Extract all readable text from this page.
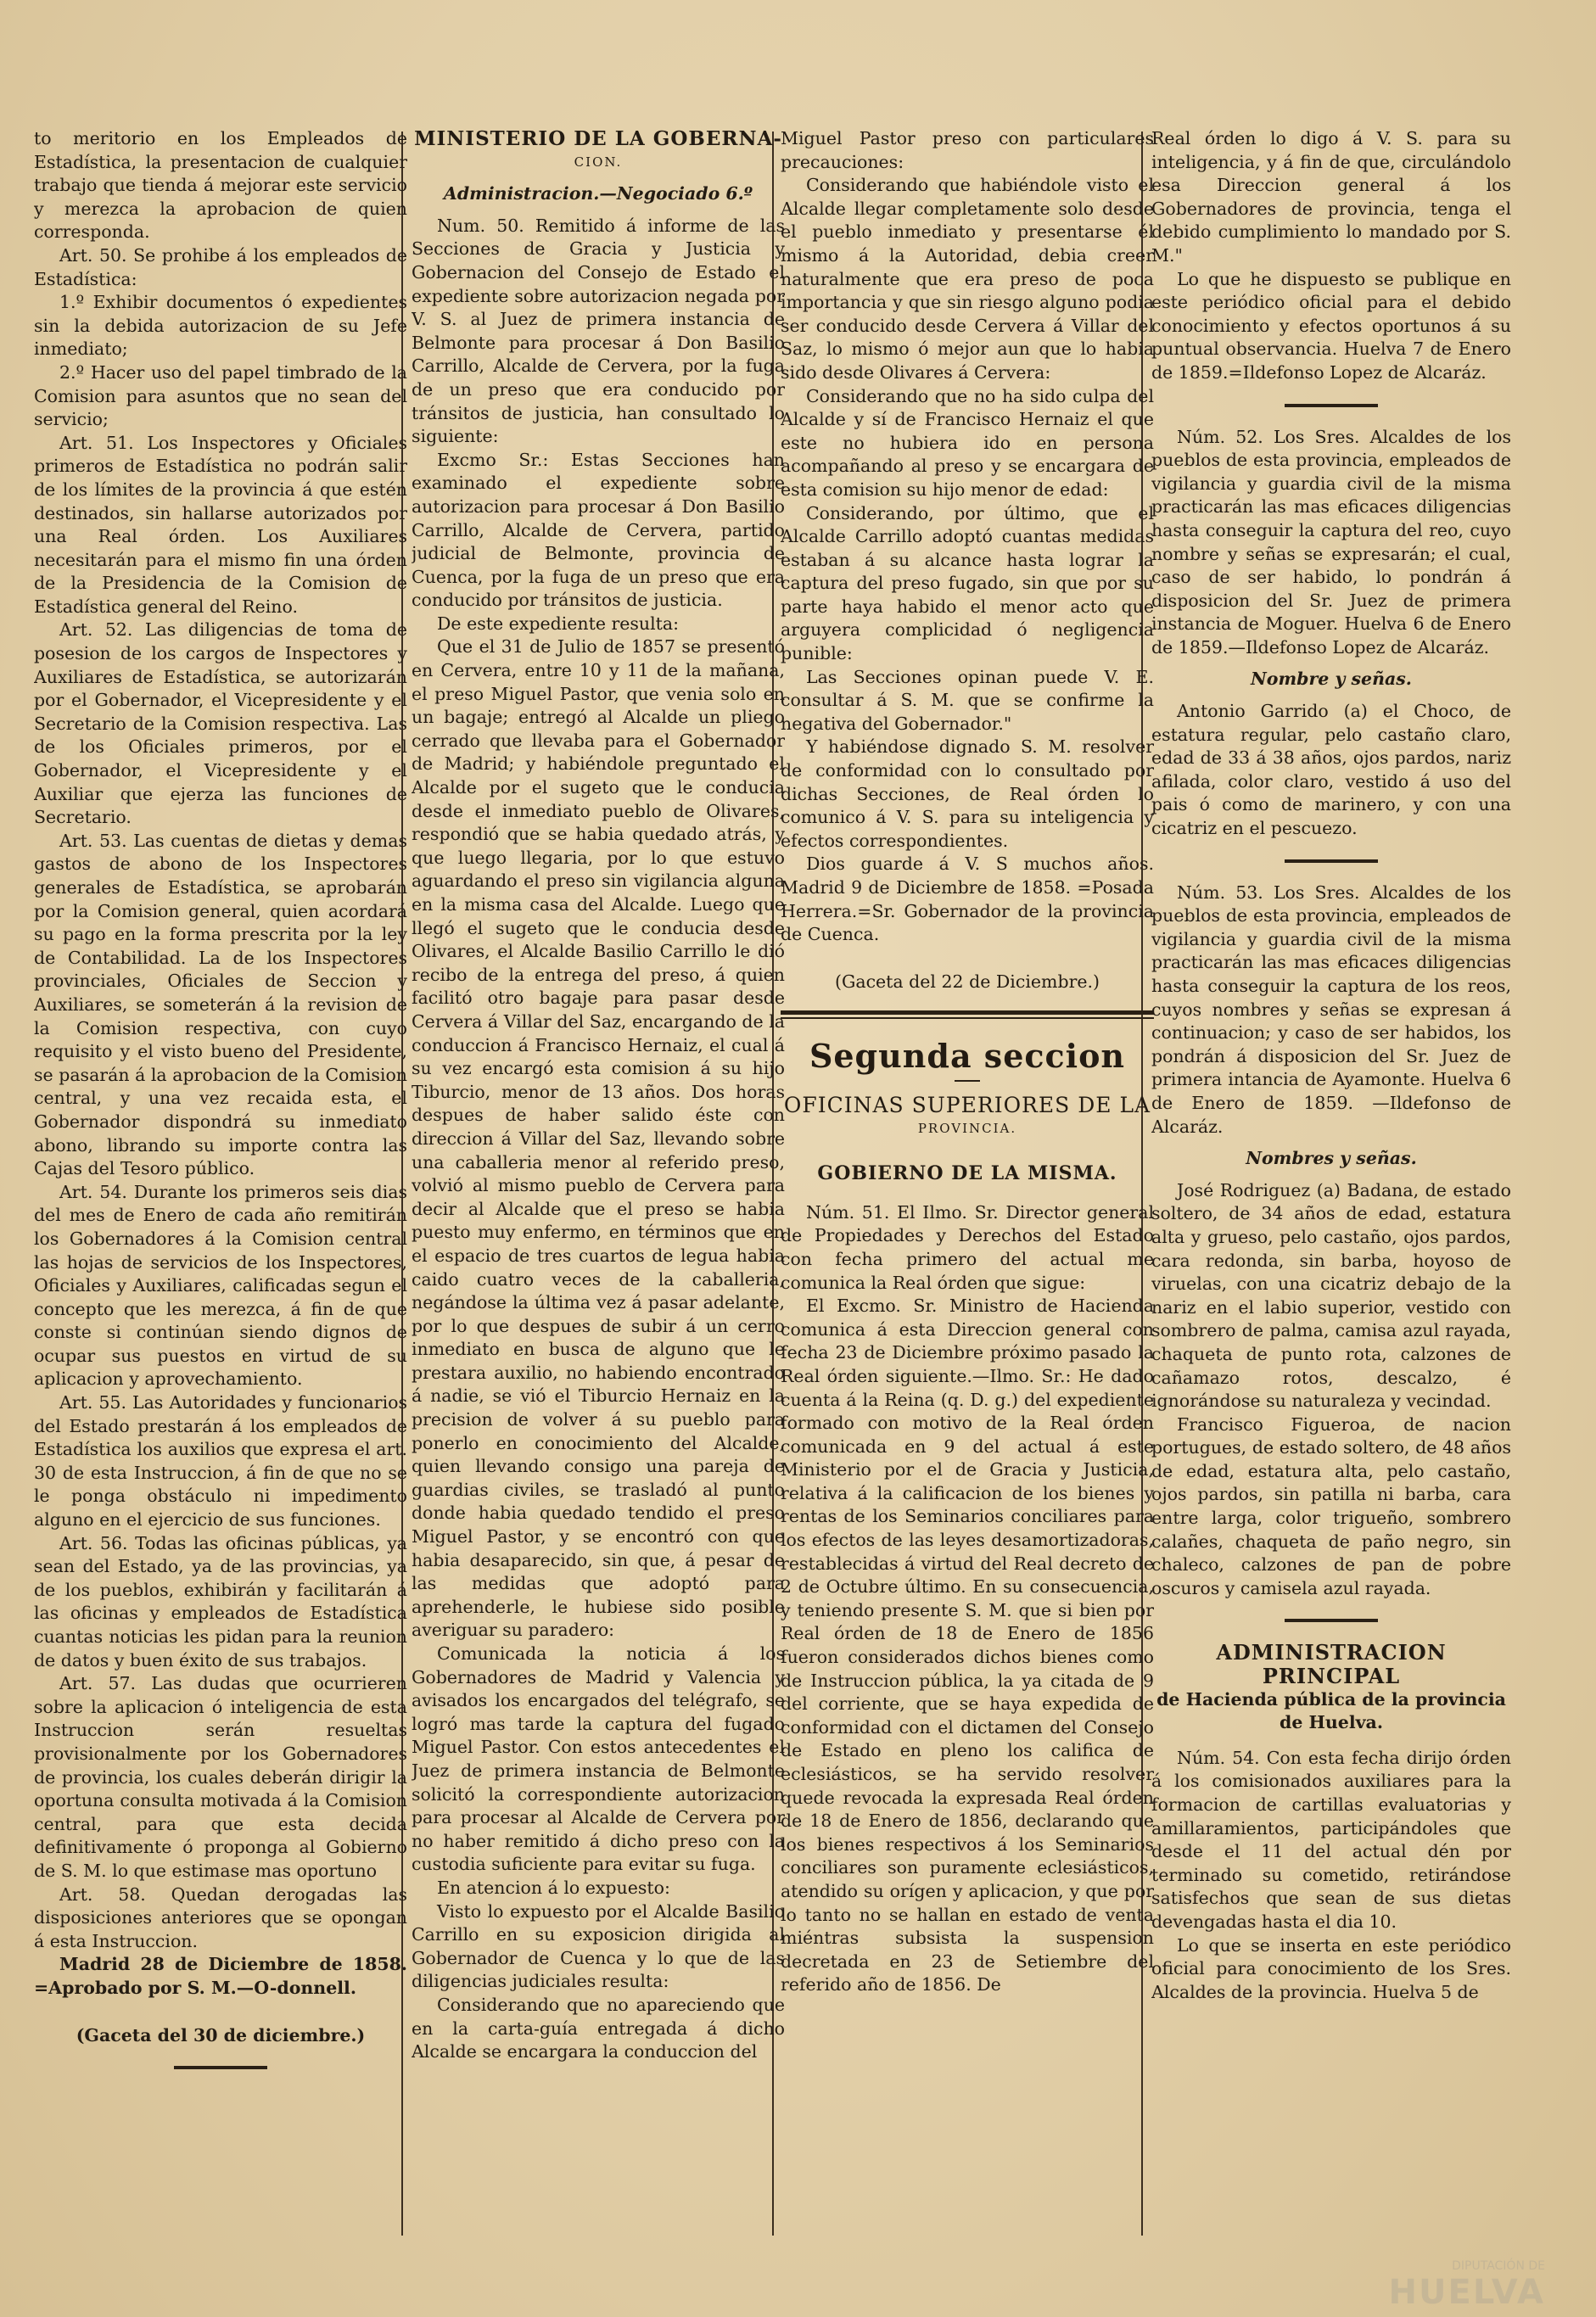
to meritorio en los Empleados de Estadística, la presentacion de cualquier trabajo que tienda á mejorar este servicio y merezca la aprobacion de quien corresponda.

Art. 50. Se prohibe á los empleados de Estadística:

1.º Exhibir documentos ó expedientes sin la debida autorizacion de su Jefe inmediato;

2.º Hacer uso del papel timbrado de la Comision para asuntos que no sean del servicio;

Art. 51. Los Inspectores y Oficiales primeros de Estadística no podrán salir de los límites de la provincia á que estén destinados, sin hallarse autorizados por una Real órden. Los Auxiliares necesitarán para el mismo fin una órden de la Presidencia de la Comision de Estadística general del Reino.

Art. 52. Las diligencias de toma de posesion de los cargos de Inspectores y Auxiliares de Estadística, se autorizarán por el Gobernador, el Vicepresidente y el Secretario de la Comision respectiva. Las de los Oficiales primeros, por el Gobernador, el Vicepresidente y el Auxiliar que ejerza las funciones de Secretario.

Art. 53. Las cuentas de dietas y demas gastos de abono de los Inspectores generales de Estadística, se aprobarán por la Comision general, quien acordará su pago en la forma prescrita por la ley de Contabilidad. La de los Inspectores provinciales, Oficiales de Seccion y Auxiliares, se someterán á la revision de la Comision respectiva, con cuyo requisito y el visto bueno del Presidente, se pasarán á la aprobacion de la Comision central, y una vez recaida esta, el Gobernador dispondrá su inmediato abono, librando su importe contra las Cajas del Tesoro público.

Art. 54. Durante los primeros seis dias del mes de Enero de cada año remitirán los Gobernadores á la Comision central las hojas de servicios de los Inspectores, Oficiales y Auxiliares, calificadas segun el concepto que les merezca, á fin de que conste si continúan siendo dignos de ocupar sus puestos en virtud de su aplicacion y aprovechamiento.

Art. 55. Las Autoridades y funcionarios del Estado prestarán á los empleados de Estadística los auxilios que expresa el art. 30 de esta Instruccion, á fin de que no se le ponga obstáculo ni impedimento alguno en el ejercicio de sus funciones.

Art. 56. Todas las oficinas públicas, ya sean del Estado, ya de las provincias, ya de los pueblos, exhibirán y facilitarán á las oficinas y empleados de Estadística cuantas noticias les pidan para la reunion de datos y buen éxito de sus trabajos.

Art. 57. Las dudas que ocurrieren sobre la aplicacion ó inteligencia de esta Instruccion serán resueltas provisionalmente por los Gobernadores de provincia, los cuales deberán dirigir la oportuna consulta motivada á la Comision central, para que esta decida definitivamente ó proponga al Gobierno de S. M. lo que estimase mas oportuno

Art. 58. Quedan derogadas las disposiciones anteriores que se opongan á esta Instruccion.

Madrid 28 de Diciembre de 1858. =Aprobado por S. M.—O-donnell.

(Gaceta del 30 de diciembre.)

MINISTERIO DE LA GOBERNA-

CION.

Administracion.—Negociado 6.º

Num. 50. Remitido á informe de las Secciones de Gracia y Justicia y Gobernacion del Consejo de Estado el expediente sobre autorizacion negada por V. S. al Juez de primera instancia de Belmonte para procesar á Don Basilio Carrillo, Alcalde de Cervera, por la fuga de un preso que era conducido por tránsitos de justicia, han consultado lo siguiente:

Excmo Sr.: Estas Secciones han examinado el expediente sobre autorizacion para procesar á Don Basilio Carrillo, Alcalde de Cervera, partido judicial de Belmonte, provincia de Cuenca, por la fuga de un preso que era conducido por tránsitos de justicia.

De este expediente resulta:

Que el 31 de Julio de 1857 se presentó en Cervera, entre 10 y 11 de la mañana, el preso Miguel Pastor, que venia solo en un bagaje; entregó al Alcalde un pliego cerrado que llevaba para el Gobernador de Madrid; y habiéndole preguntado el Alcalde por el sugeto que le conducia desde el inmediato pueblo de Olivares, respondió que se habia quedado atrás, y que luego llegaria, por lo que estuvo aguardando el preso sin vigilancia alguna en la misma casa del Alcalde. Luego que llegó el sugeto que le conducia desde Olivares, el Alcalde Basilio Carrillo le dió recibo de la entrega del preso, á quien facilitó otro bagaje para pasar desde Cervera á Villar del Saz, encargando de la conduccion á Francisco Hernaiz, el cual á su vez encargó esta comision á su hijo Tiburcio, menor de 13 años. Dos horas despues de haber salido éste con direccion á Villar del Saz, llevando sobre una caballeria menor al referido preso, volvió al mismo pueblo de Cervera para decir al Alcalde que el preso se habia puesto muy enfermo, en términos que en el espacio de tres cuartos de legua habia caido cuatro veces de la caballeria, negándose la última vez á pasar adelante, por lo que despues de subir á un cerro inmediato en busca de alguno que le prestara auxilio, no habiendo encontrado á nadie, se vió el Tiburcio Hernaiz en la precision de volver á su pueblo para ponerlo en conocimiento del Alcalde, quien llevando consigo una pareja de guardias civiles, se trasladó al punto donde habia quedado tendido el preso Miguel Pastor, y se encontró con que habia desaparecido, sin que, á pesar de las medidas que adoptó para aprehenderle, le hubiese sido posible averiguar su paradero:

Comunicada la noticia á los Gobernadores de Madrid y Valencia y avisados los encargados del telégrafo, se logró mas tarde la captura del fugado Miguel Pastor. Con estos antecedentes el Juez de primera instancia de Belmonte solicitó la correspondiente autorizacion para procesar al Alcalde de Cervera por no haber remitido á dicho preso con la custodia suficiente para evitar su fuga.

En atencion á lo expuesto:

Visto lo expuesto por el Alcalde Basilio Carrillo en su exposicion dirigida al Gobernador de Cuenca y lo que de las diligencias judiciales resulta:

Considerando que no apareciendo que en la carta-guía entregada á dicho Alcalde se encargara la conduccion del

Miguel Pastor preso con particulares precauciones:

Considerando que habiéndole visto el Alcalde llegar completamente solo desde el pueblo inmediato y presentarse él mismo á la Autoridad, debia creer naturalmente que era preso de poca importancia y que sin riesgo alguno podia ser conducido desde Cervera á Villar del Saz, lo mismo ó mejor aun que lo habia sido desde Olivares á Cervera:

Considerando que no ha sido culpa del Alcalde y sí de Francisco Hernaiz el que este no hubiera ido en persona acompañando al preso y se encargara de esta comision su hijo menor de edad:

Considerando, por último, que el Alcalde Carrillo adoptó cuantas medidas estaban á su alcance hasta lograr la captura del preso fugado, sin que por su parte haya habido el menor acto que arguyera complicidad ó negligencia punible:

Las Secciones opinan puede V. E. consultar á S. M. que se confirme la negativa del Gobernador."

Y habiéndose dignado S. M. resolver de conformidad con lo consultado por dichas Secciones, de Real órden lo comunico á V. S. para su inteligencia y efectos correspondientes.

Dios guarde á V. S muchos años. Madrid 9 de Diciembre de 1858. =Posada Herrera.=Sr. Gobernador de la provincia de Cuenca.

(Gaceta del 22 de Diciembre.)

Segunda seccion

OFICINAS SUPERIORES DE LA

PROVINCIA.

GOBIERNO DE LA MISMA.

Núm. 51. El Ilmo. Sr. Director general de Propiedades y Derechos del Estado con fecha primero del actual me comunica la Real órden que sigue:

El Excmo. Sr. Ministro de Hacienda comunica á esta Direccion general con fecha 23 de Diciembre próximo pasado la Real órden siguiente.—Ilmo. Sr.: He dado cuenta á la Reina (q. D. g.) del expediente formado con motivo de la Real órden comunicada en 9 del actual á este Ministerio por el de Gracia y Justicia, relativa á la calificacion de los bienes y rentas de los Seminarios conciliares para los efectos de las leyes desamortizadoras, restablecidas á virtud del Real decreto de 2 de Octubre último. En su consecuencia, y teniendo presente S. M. que si bien por Real órden de 18 de Enero de 1856 fueron considerados dichos bienes como de Instruccion pública, la ya citada de 9 del corriente, que se haya expedida de conformidad con el dictamen del Consejo de Estado en pleno los califica de eclesiásticos, se ha servido resolver quede revocada la expresada Real órden de 18 de Enero de 1856, declarando que los bienes respectivos á los Seminarios conciliares son puramente eclesiásticos, atendido su orígen y aplicacion, y que por lo tanto no se hallan en estado de venta miéntras subsista la suspension decretada en 23 de Setiembre del referido año de 1856. De

Real órden lo digo á V. S. para su inteligencia, y á fin de que, circulándolo esa Direccion general á los Gobernadores de provincia, tenga el debido cumplimiento lo mandado por S. M."

Lo que he dispuesto se publique en este periódico oficial para el debido conocimiento y efectos oportunos á su puntual observancia. Huelva 7 de Enero de 1859.=Ildefonso Lopez de Alcaráz.

Núm. 52. Los Sres. Alcaldes de los pueblos de esta provincia, empleados de vigilancia y guardia civil de la misma practicarán las mas eficaces diligencias hasta conseguir la captura del reo, cuyo nombre y señas se expresarán; el cual, caso de ser habido, lo pondrán á disposicion del Sr. Juez de primera instancia de Moguer. Huelva 6 de Enero de 1859.—Ildefonso Lopez de Alcaráz.

Nombre y señas.

Antonio Garrido (a) el Choco, de estatura regular, pelo castaño claro, edad de 33 á 38 años, ojos pardos, nariz afilada, color claro, vestido á uso del pais ó como de marinero, y con una cicatriz en el pescuezo.

Núm. 53. Los Sres. Alcaldes de los pueblos de esta provincia, empleados de vigilancia y guardia civil de la misma practicarán las mas eficaces diligencias hasta conseguir la captura de los reos, cuyos nombres y señas se expresan á continuacion; y caso de ser habidos, los pondrán á disposicion del Sr. Juez de primera intancia de Ayamonte. Huelva 6 de Enero de 1859. —Ildefonso de Alcaráz.

Nombres y señas.

José Rodriguez (a) Badana, de estado soltero, de 34 años de edad, estatura alta y grueso, pelo castaño, ojos pardos, cara redonda, sin barba, hoyoso de viruelas, con una cicatriz debajo de la nariz en el labio superior, vestido con sombrero de palma, camisa azul rayada, chaqueta de punto rota, calzones de cañamazo rotos, descalzo, é ignorándose su naturaleza y vecindad.

Francisco Figueroa, de nacion portugues, de estado soltero, de 48 años de edad, estatura alta, pelo castaño, ojos pardos, sin patilla ni barba, cara entre larga, color trigueño, sombrero calañes, chaqueta de paño negro, sin chaleco, calzones de pan de pobre oscuros y camisela azul rayada.

ADMINISTRACION PRINCIPAL

de Hacienda pública de la provincia de Huelva.

Núm. 54. Con esta fecha dirijo órden á los comisionados auxiliares para la formacion de cartillas evaluatorias y amillaramientos, participándoles que desde el 11 del actual dén por terminado su cometido, retirándose satisfechos que sean de sus dietas devengadas hasta el dia 10.

Lo que se inserta en este periódico oficial para conocimiento de los Sres. Alcaldes de la provincia. Huelva 5 de

DIPUTACIÓN DE
HUELVA
